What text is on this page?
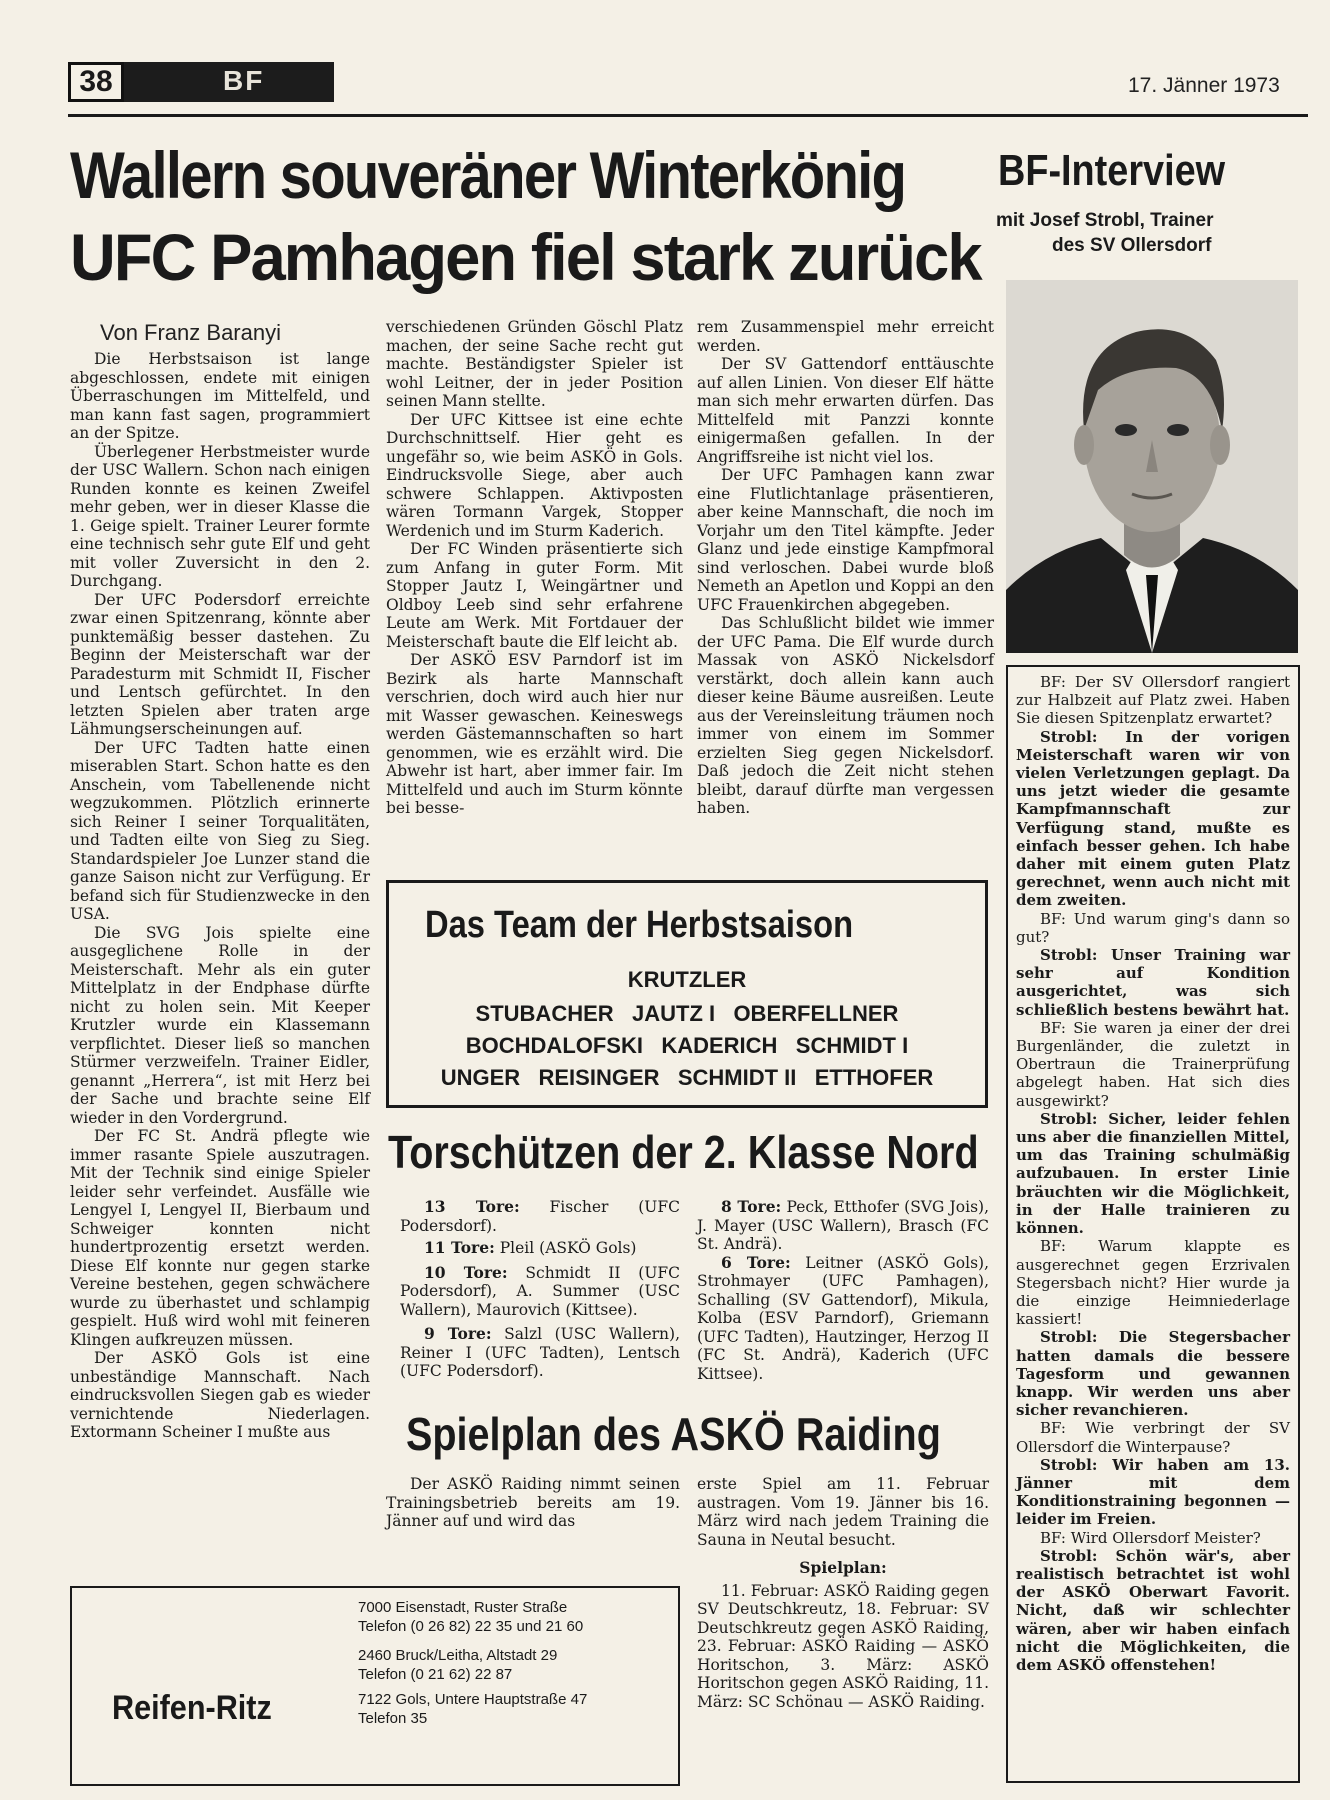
38	BF	17. Jänner 1973
Wallern souveräner Winterkönig
UFC Pamhagen fiel stark zurück
BF-Interview
mit Josef Strobl, Trainer
des SV Ollersdorf

BF: Der SV Ollersdorf rangiert zur Halbzeit auf Platz zwei. Haben Sie diesen Spitzenplatz erwartet?

Strobl: In der vorigen Meisterschaft waren wir von vielen Verletzungen geplagt. Da uns jetzt wieder die gesamte Kampfmannschaft zur Verfügung stand, mußte es einfach besser gehen. Ich habe daher mit einem guten Platz gerechnet, wenn auch nicht mit dem zweiten.

BF: Und warum ging's dann so gut?

Strobl: Unser Training war sehr auf Kondition ausgerichtet, was sich schließlich bestens bewährt hat.

BF: Sie waren ja einer der drei Burgenländer, die zuletzt in Obertraun die Trainerprüfung abgelegt haben. Hat sich dies ausgewirkt?

Strobl: Sicher, leider fehlen uns aber die finanziellen Mittel, um das Training schulmäßig aufzubauen. In erster Linie bräuchten wir die Möglichkeit, in der Halle trainieren zu können.

BF: Warum klappte es ausgerechnet gegen Erzrivalen Stegersbach nicht? Hier wurde ja die einzige Heimniederlage kassiert!

Strobl: Die Stegersbacher hatten damals die bessere Tagesform und gewannen knapp. Wir werden uns aber sicher revanchieren.

BF: Wie verbringt der SV Ollersdorf die Winterpause?

Strobl: Wir haben am 13. Jänner mit dem Konditionstraining begonnen — leider im Freien.

BF: Wird Ollersdorf Meister?

Strobl: Schön wär's, aber realistisch betrachtet ist wohl der ASKÖ Oberwart Favorit. Nicht, daß wir schlechter wären, aber wir haben einfach nicht die Möglichkeiten, die dem ASKÖ offenstehen!

Von Franz Baranyi

Die Herbstsaison ist lange abgeschlossen, endete mit einigen Überraschungen im Mittelfeld, und man kann fast sagen, programmiert an der Spitze.

Überlegener Herbstmeister wurde der USC Wallern. Schon nach einigen Runden konnte es keinen Zweifel mehr geben, wer in dieser Klasse die 1. Geige spielt. Trainer Leurer formte eine technisch sehr gute Elf und geht mit voller Zuversicht in den 2. Durchgang.

Der UFC Podersdorf erreichte zwar einen Spitzenrang, könnte aber punktemäßig besser dastehen. Zu Beginn der Meisterschaft war der Paradesturm mit Schmidt II, Fischer und Lentsch gefürchtet. In den letzten Spielen aber traten arge Lähmungserscheinungen auf.

Der UFC Tadten hatte einen miserablen Start. Schon hatte es den Anschein, vom Tabellenende nicht wegzukommen. Plötzlich erinnerte sich Reiner I seiner Torqualitäten, und Tadten eilte von Sieg zu Sieg. Standardspieler Joe Lunzer stand die ganze Saison nicht zur Verfügung. Er befand sich für Studienzwecke in den USA.

Die SVG Jois spielte eine ausgeglichene Rolle in der Meisterschaft. Mehr als ein guter Mittelplatz in der Endphase dürfte nicht zu holen sein. Mit Keeper Krutzler wurde ein Klassemann verpflichtet. Dieser ließ so manchen Stürmer verzweifeln. Trainer Eidler, genannt „Herrera“, ist mit Herz bei der Sache und brachte seine Elf wieder in den Vordergrund.

Der FC St. Andrä pflegte wie immer rasante Spiele auszutragen. Mit der Technik sind einige Spieler leider sehr verfeindet. Ausfälle wie Lengyel I, Lengyel II, Bierbaum und Schweiger konnten nicht hundertprozentig ersetzt werden. Diese Elf konnte nur gegen starke Vereine bestehen, gegen schwächere wurde zu überhastet und schlampig gespielt. Huß wird wohl mit feineren Klingen aufkreuzen müssen.

Der ASKÖ Gols ist eine unbeständige Mannschaft. Nach eindrucksvollen Siegen gab es wieder vernichtende Niederlagen. Extormann Scheiner I mußte aus

verschiedenen Gründen Göschl Platz machen, der seine Sache recht gut machte. Beständigster Spieler ist wohl Leitner, der in jeder Position seinen Mann stellte.

Der UFC Kittsee ist eine echte Durchschnittself. Hier geht es ungefähr so, wie beim ASKÖ in Gols. Eindrucksvolle Siege, aber auch schwere Schlappen. Aktivposten wären Tormann Vargek, Stopper Werdenich und im Sturm Kaderich.

Der FC Winden präsentierte sich zum Anfang in guter Form. Mit Stopper Jautz I, Weingärtner und Oldboy Leeb sind sehr erfahrene Leute am Werk. Mit Fortdauer der Meisterschaft baute die Elf leicht ab.

Der ASKÖ ESV Parndorf ist im Bezirk als harte Mannschaft verschrien, doch wird auch hier nur mit Wasser gewaschen. Keineswegs werden Gästemannschaften so hart genommen, wie es erzählt wird. Die Abwehr ist hart, aber immer fair. Im Mittelfeld und auch im Sturm könnte bei besse-

rem Zusammenspiel mehr erreicht werden.

Der SV Gattendorf enttäuschte auf allen Linien. Von dieser Elf hätte man sich mehr erwarten dürfen. Das Mittelfeld mit Panzzi konnte einigermaßen gefallen. In der Angriffsreihe ist nicht viel los.

Der UFC Pamhagen kann zwar eine Flutlichtanlage präsentieren, aber keine Mannschaft, die noch im Vorjahr um den Titel kämpfte. Jeder Glanz und jede einstige Kampfmoral sind verloschen. Dabei wurde bloß Nemeth an Apetlon und Koppi an den UFC Frauenkirchen abgegeben.

Das Schlußlicht bildet wie immer der UFC Pama. Die Elf wurde durch Massak von ASKÖ Nickelsdorf verstärkt, doch allein kann auch dieser keine Bäume ausreißen. Leute aus der Vereinsleitung träumen noch immer von einem im Sommer erzielten Sieg gegen Nickelsdorf. Daß jedoch die Zeit nicht stehen bleibt, darauf dürfte man vergessen haben.

Das Team der Herbstsaison
KRUTZLER
STUBACHER   JAUTZ I   OBERFELLNER
BOCHDALOFSKI   KADERICH   SCHMIDT I
UNGER   REISINGER   SCHMIDT II   ETTHOFER
Torschützen der 2. Klasse Nord

13 Tore: Fischer (UFC Podersdorf).

11 Tore: Pleil (ASKÖ Gols)

10 Tore: Schmidt II (UFC Podersdorf), A. Summer (USC Wallern), Maurovich (Kittsee).

9 Tore: Salzl (USC Wallern), Reiner I (UFC Tadten), Lentsch (UFC Podersdorf).

8 Tore: Peck, Etthofer (SVG Jois), J. Mayer (USC Wallern), Brasch (FC St. Andrä).

6 Tore: Leitner (ASKÖ Gols), Strohmayer (UFC Pamhagen), Schalling (SV Gattendorf), Mikula, Kolba (ESV Parndorf), Griemann (UFC Tadten), Hautzinger, Herzog II (FC St. Andrä), Kaderich (UFC Kittsee).

Spielplan des ASKÖ Raiding

Der ASKÖ Raiding nimmt seinen Trainingsbetrieb bereits am 19. Jänner auf und wird das

erste Spiel am 11. Februar austragen. Vom 19. Jänner bis 16. März wird nach jedem Training die Sauna in Neutal besucht.

Spielplan:

11. Februar: ASKÖ Raiding gegen SV Deutschkreutz, 18. Februar: SV Deutschkreutz gegen ASKÖ Raiding, 23. Februar: ASKÖ Raiding — ASKÖ Horitschon, 3. März: ASKÖ Horitschon gegen ASKÖ Raiding, 11. März: SC Schönau — ASKÖ Raiding.

7000 Eisenstadt, Ruster Straße
Telefon (0 26 82) 22 35 und 21 60
2460 Bruck/Leitha, Altstadt 29
Telefon (0 21 62) 22 87
7122 Gols, Untere Hauptstraße 47
Telefon 35
Reifen-Ritz
